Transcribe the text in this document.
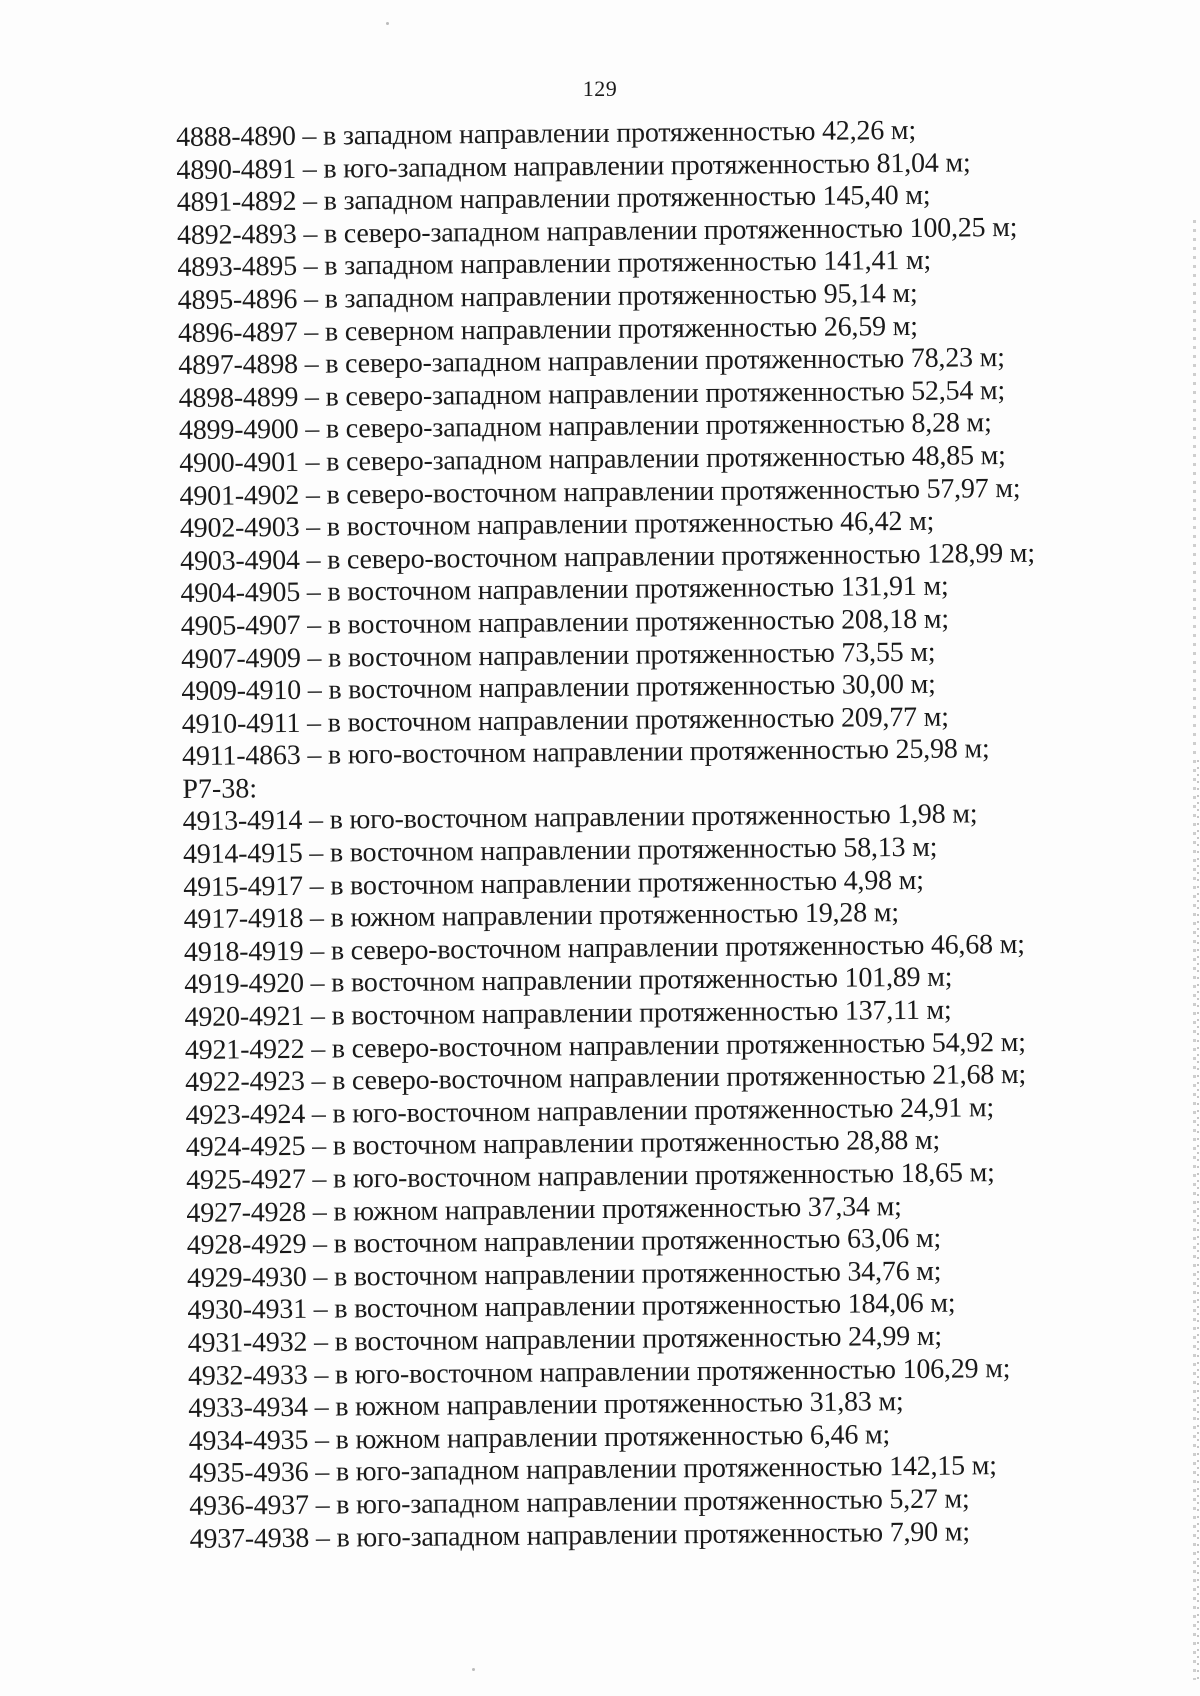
129
4888-4890 – в западном направлении протяженностью 42,26 м;
4890-4891 – в юго-западном направлении протяженностью 81,04 м;
4891-4892 – в западном направлении протяженностью 145,40 м;
4892-4893 – в северо-западном направлении протяженностью 100,25 м;
4893-4895 – в западном направлении протяженностью 141,41 м;
4895-4896 – в западном направлении протяженностью 95,14 м;
4896-4897 – в северном направлении протяженностью 26,59 м;
4897-4898 – в северо-западном направлении протяженностью 78,23 м;
4898-4899 – в северо-западном направлении протяженностью 52,54 м;
4899-4900 – в северо-западном направлении протяженностью 8,28 м;
4900-4901 – в северо-западном направлении протяженностью 48,85 м;
4901-4902 – в северо-восточном направлении протяженностью 57,97 м;
4902-4903 – в восточном направлении протяженностью 46,42 м;
4903-4904 – в северо-восточном направлении протяженностью 128,99 м;
4904-4905 – в восточном направлении протяженностью 131,91 м;
4905-4907 – в восточном направлении протяженностью 208,18 м;
4907-4909 – в восточном направлении протяженностью 73,55 м;
4909-4910 – в восточном направлении протяженностью 30,00 м;
4910-4911 – в восточном направлении протяженностью 209,77 м;
4911-4863 – в юго-восточном направлении протяженностью 25,98 м;
Р7-38:
4913-4914 – в юго-восточном направлении протяженностью 1,98 м;
4914-4915 – в восточном направлении протяженностью 58,13 м;
4915-4917 – в восточном направлении протяженностью 4,98 м;
4917-4918 – в южном направлении протяженностью 19,28 м;
4918-4919 – в северо-восточном направлении протяженностью 46,68 м;
4919-4920 – в восточном направлении протяженностью 101,89 м;
4920-4921 – в восточном направлении протяженностью 137,11 м;
4921-4922 – в северо-восточном направлении протяженностью 54,92 м;
4922-4923 – в северо-восточном направлении протяженностью 21,68 м;
4923-4924 – в юго-восточном направлении протяженностью 24,91 м;
4924-4925 – в восточном направлении протяженностью 28,88 м;
4925-4927 – в юго-восточном направлении протяженностью 18,65 м;
4927-4928 – в южном направлении протяженностью 37,34 м;
4928-4929 – в восточном направлении протяженностью 63,06 м;
4929-4930 – в восточном направлении протяженностью 34,76 м;
4930-4931 – в восточном направлении протяженностью 184,06 м;
4931-4932 – в восточном направлении протяженностью 24,99 м;
4932-4933 – в юго-восточном направлении протяженностью 106,29 м;
4933-4934 – в южном направлении протяженностью 31,83 м;
4934-4935 – в южном направлении протяженностью 6,46 м;
4935-4936 – в юго-западном направлении протяженностью 142,15 м;
4936-4937 – в юго-западном направлении протяженностью 5,27 м;
4937-4938 – в юго-западном направлении протяженностью 7,90 м;
